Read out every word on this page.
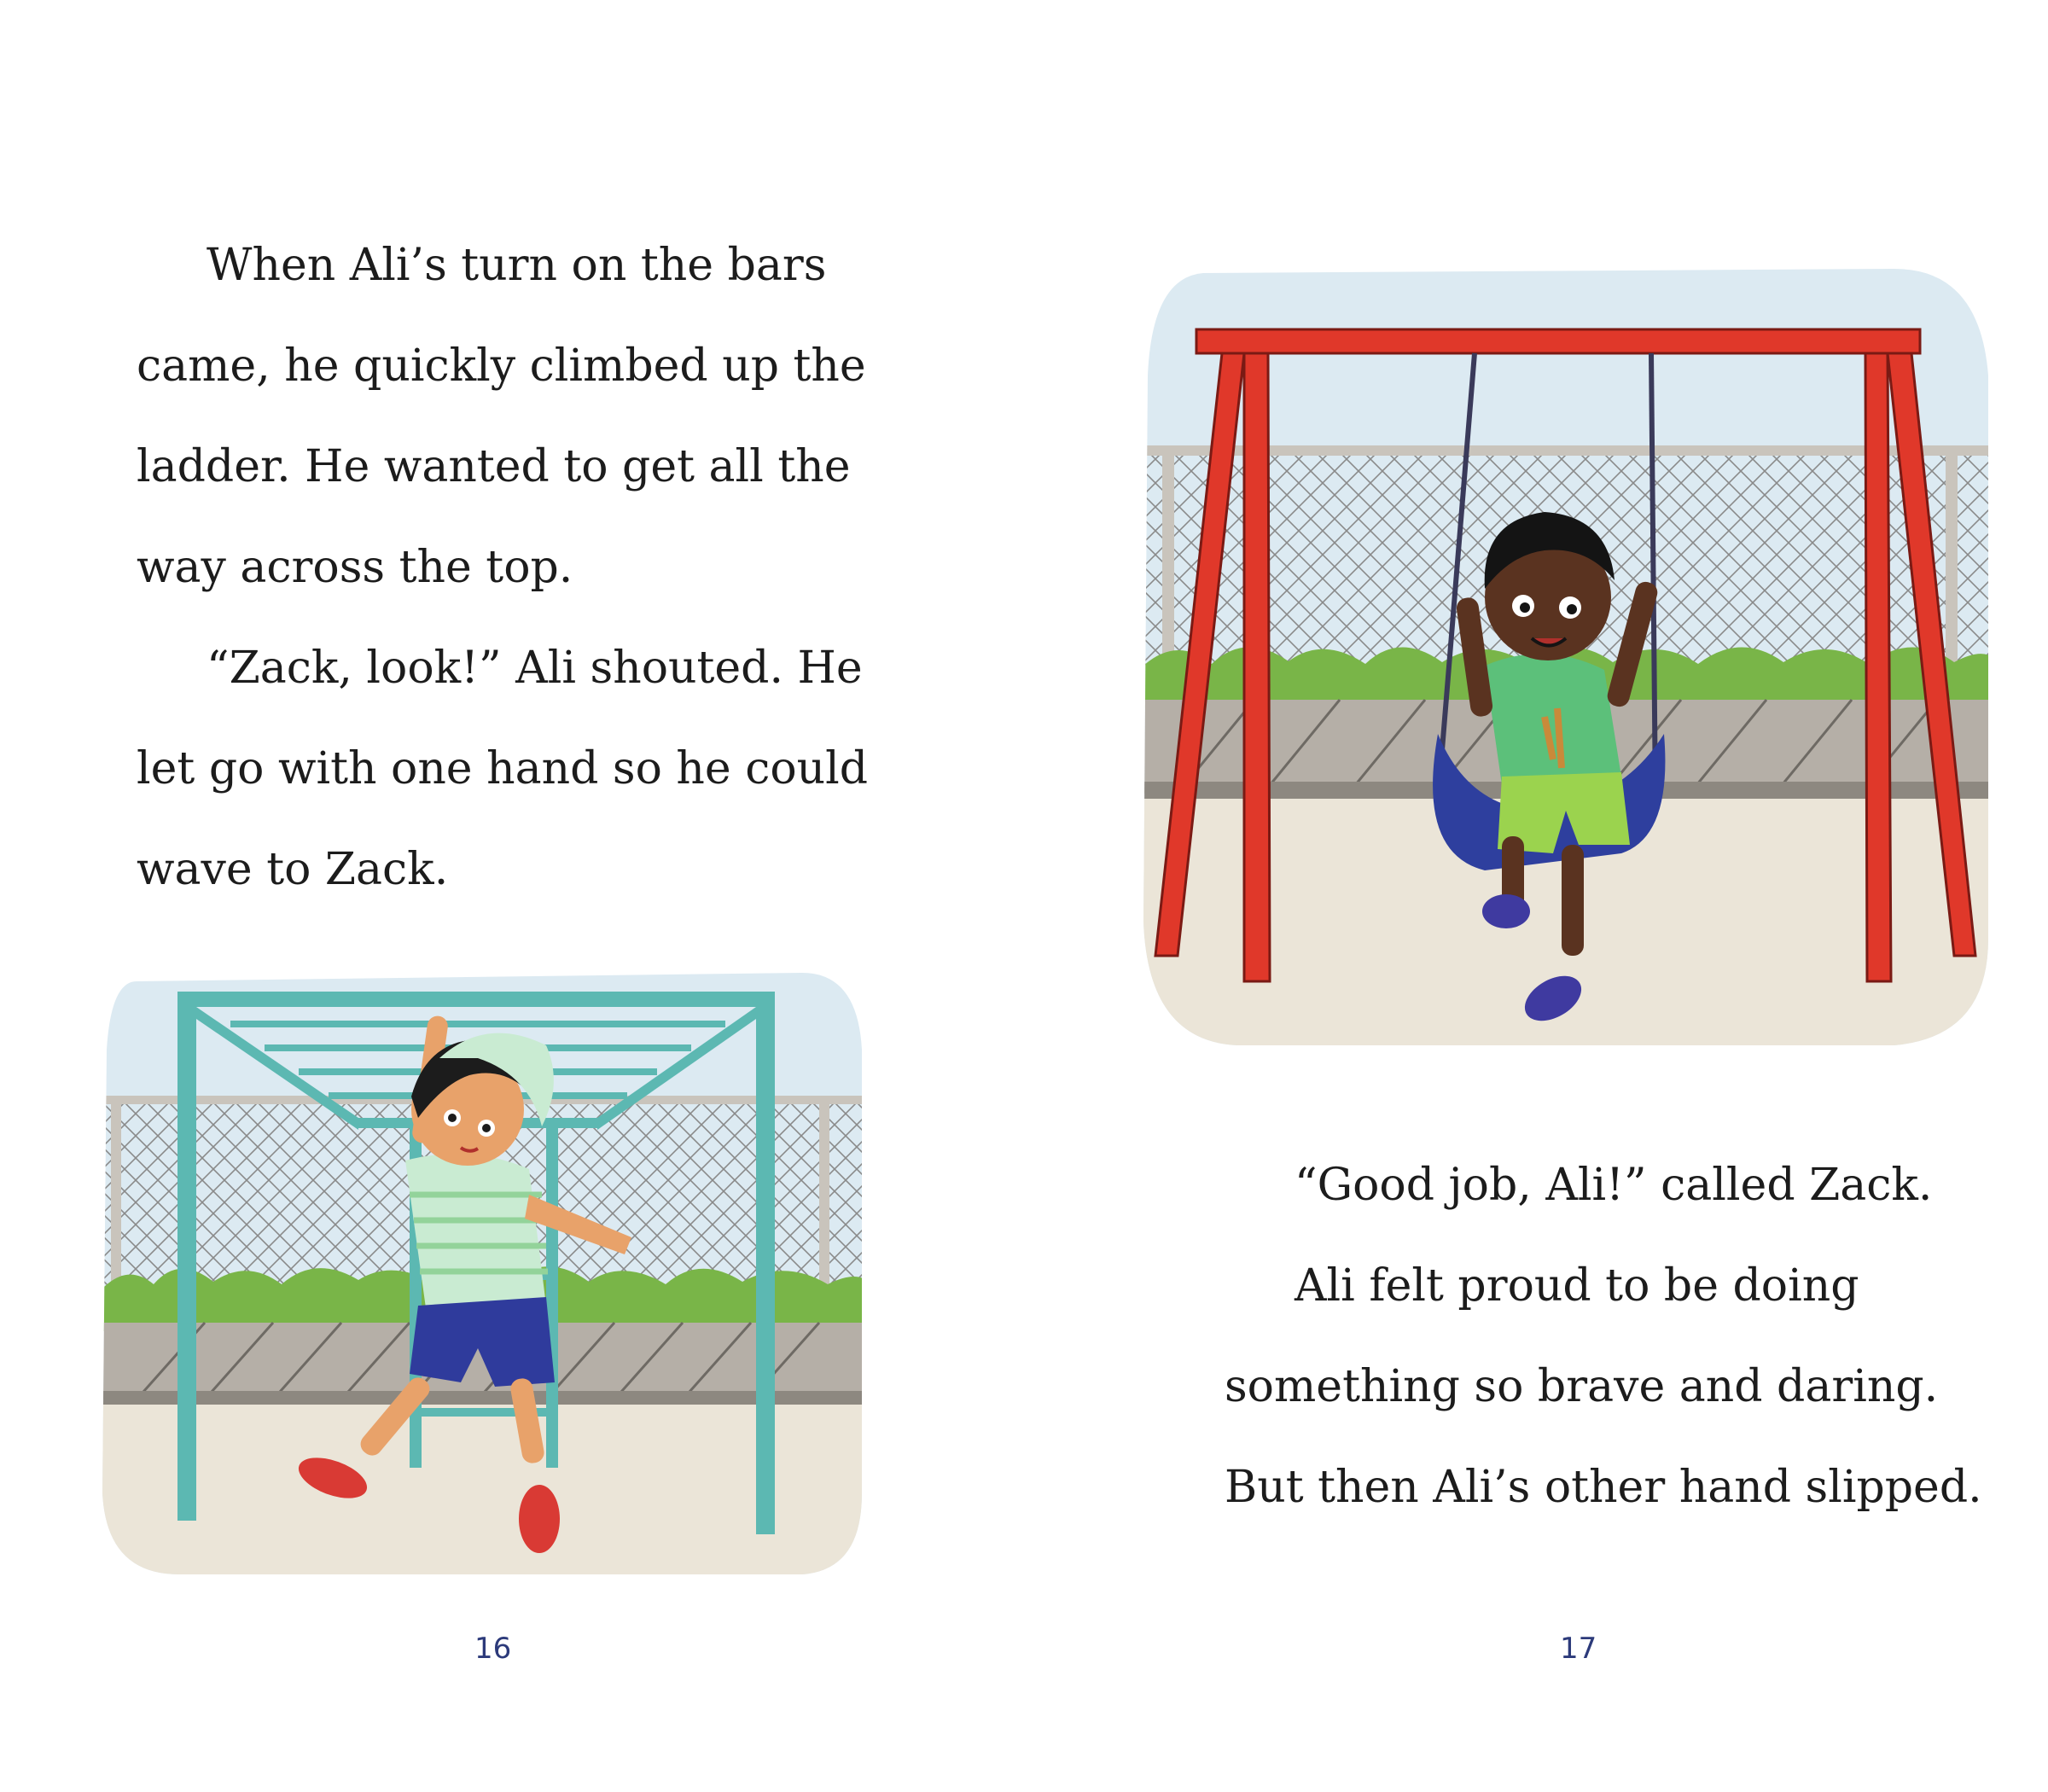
When Ali’s turn on the bars
came, he quickly climbed up the
ladder. He wanted to get all the
way across the top.

“Zack, look!” Ali shouted. He
let go with one hand so he could
wave to Zack.

“Good job, Ali!” called Zack.

Ali felt proud to be doing
something so brave and daring.
But then Ali’s other hand slipped.

16	17
